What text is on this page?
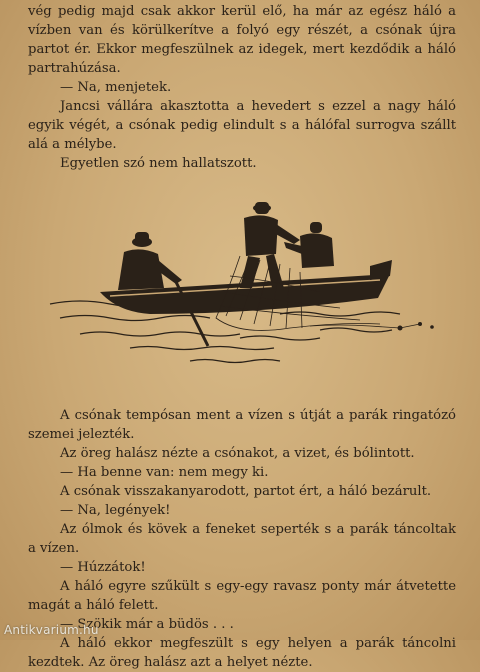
vég pedig majd csak akkor kerül elő, ha már az egész háló a vízben van és körülkerítve a folyó egy részét, a csónak újra partot ér. Ekkor megfeszülnek az idegek, mert kezdődik a háló partrahúzása.

— Na, menjetek.

Jancsi vállára akasztotta a hevedert s ezzel a nagy háló egyik végét, a csónak pedig elindult s a hálófal surrogva szállt alá a mélybe.

Egyetlen szó nem hallatszott.

A csónak tempósan ment a vízen s útját a parák ringatózó szemei jelezték.

Az öreg halász nézte a csónakot, a vizet, és bólintott.

— Ha benne van: nem megy ki.

A csónak visszakanyarodott, partot ért, a háló bezárult.

— Na, legények!

Az ólmok és kövek a feneket seperték s a parák táncoltak a vízen.

— Húzzátok!

A háló egyre szűkült s egy-egy ravasz ponty már átvetette magát a háló felett.

— Szökik már a büdös . . .

A háló ekkor megfeszült s egy helyen a parák táncolni kezdtek. Az öreg halász azt a helyet nézte.

Antikvarium.hu
